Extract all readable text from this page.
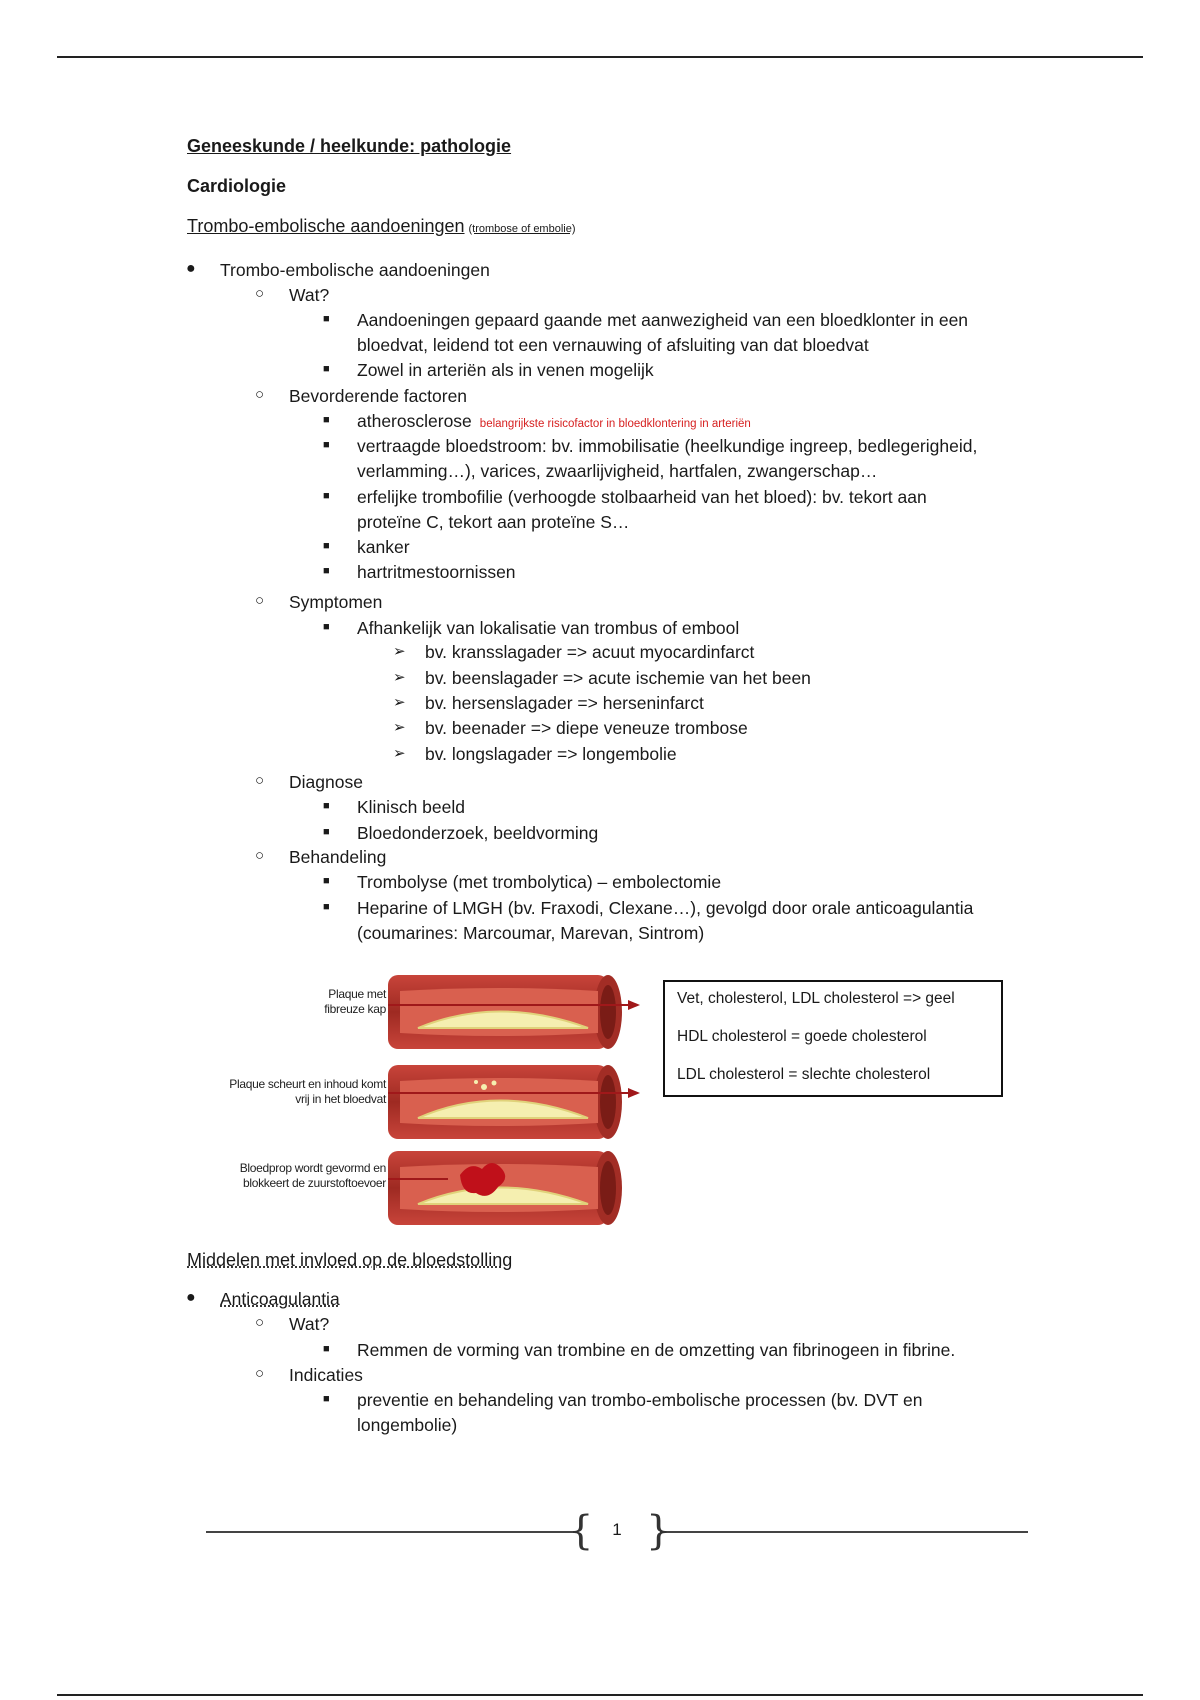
Geneeskunde / heelkunde: pathologie
Cardiologie
Trombo-embolische aandoeningen (trombose of embolie)
● Trombo-embolische aandoeningen
○ Wat?
■ Aandoeningen gepaard gaande met aanwezigheid van een bloedklonter in een
bloedvat, leidend tot een vernauwing of afsluiting van dat bloedvat
■ Zowel in arteriën als in venen mogelijk
○ Bevorderende factoren
■ atherosclerose belangrijkste risicofactor in bloedklontering in arteriën
■ vertraagde bloedstroom: bv. immobilisatie (heelkundige ingreep, bedlegerigheid,
verlamming…), varices, zwaarlijvigheid, hartfalen, zwangerschap…
■ erfelijke trombofilie (verhoogde stolbaarheid van het bloed): bv. tekort aan
proteïne C, tekort aan proteïne S…
■ kanker
■ hartritmestoornissen
○ Symptomen
■ Afhankelijk van lokalisatie van trombus of embool
➢ bv. kransslagader => acuut myocardinfarct
➢ bv. beenslagader => acute ischemie van het been
➢ bv. hersenslagader => herseninfarct
➢ bv. beenader => diepe veneuze trombose
➢ bv. longslagader => longembolie
○ Diagnose
■ Klinisch beeld
■ Bloedonderzoek, beeldvorming
○ Behandeling
■ Trombolyse (met trombolytica) – embolectomie
■ Heparine of LMGH (bv. Fraxodi, Clexane…), gevolgd door orale anticoagulantia
(coumarines: Marcoumar, Marevan, Sintrom)
Plaque met
fibreuze kap
Plaque scheurt en inhoud komt
vrij in het bloedvat
Bloedprop wordt gevormd en
blokkeert de zuurstoftoevoer
Vet, cholesterol, LDL cholesterol => geel
HDL cholesterol = goede cholesterol
LDL cholesterol = slechte cholesterol
Middelen met invloed op de bloedstolling
● Anticoagulantia
○ Wat?
■ Remmen de vorming van trombine en de omzetting van fibrinogeen in fibrine.
○ Indicaties
■ preventie en behandeling van trombo-embolische processen (bv. DVT en
longembolie)
{ }
1
